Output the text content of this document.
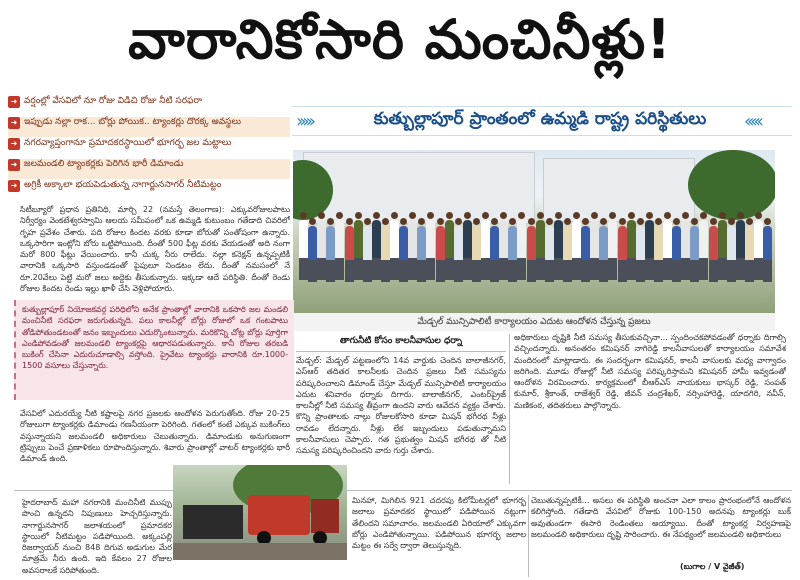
వారానికోసారి మంచినీళ్లు!
➜ వర్షంల్లో వేసవిలో నూ రోజు విడిచి రోజు నీటి సరఫరా
➜ ఇప్పుడు నల్లా రాక... బోర్లు పోయిక.. ట్యాంకర్లు దొరక్క అవస్థలు
➜ నగరవ్యాప్తంగానూ ప్రమాదకరస్థాయిలో భూగర్భ జల మట్టాలు
➜ జలమండలి ట్యాంకర్లకు పెరిగిన భారీ డిమాండు
➜ అగ్రికీ అక్కాలా భయపెడుతున్న నాగార్జునసాగర్ నీటిమట్టం
›››››	కుత్బుల్లాపూర్ ప్రాంతంలో ఉమ్మడి రాష్ట్ర పరిస్థితులు	‹‹‹‹‹
మేడ్చల్ మున్సిపాలిటీ కార్యాలయం ఎదుట ఆందోళన చేస్తున్న ప్రజలు
సిటీబ్యూరో ప్రధాన ప్రతినిధి, మార్చి 22 (నమస్తే తెలంగాణ): ఎక్కువరోజులపాటు నిర్వీర్యం వెంకటేశ్వరస్వామి ఆలయ సమీపంలో ఒక ఉమ్మడి కుటుంబం గతేడాది చివరిలో గృహ ప్రవేశం చేశారు. పది రోజుల కిందట వరకు కూడా బోరుతో సంతోషంగా ఉన్నారు. ఒక్కసారిగా ఇంట్లోని బోరు ఒట్టిపోయింది. దీంతో 500 ఫీట్ల వరకు వేయడంతో అది నంగా మరో 800 ఫీట్లు వేయించారు. కానీ చుక్క నీరు రాలేదు. నల్లా కనెక్షన్ ఉన్నప్పటికీ వారానికి ఒక్కసారి వస్తుండడంతో పైపులూ నిండటం లేదు. దీంతో నమసంలో నే రూ.20వేలు పెట్టి మరో జలు అద్దెకు తీసుకున్నారు. ఇక్కడా ఆదే పరిస్థితి. దీంతో రెండు రోజుల కిందట రెండు ఇల్లు ఖాళీ చేసి వెళ్లిపోయారు.
కుత్బుల్లాపూర్ నియోజకవర్గ పరిధిలోని అనేక ప్రాంతాల్లో వారానికి ఒకసారి జల మండలి మంచినీటి సరఫరా జరుగుతున్నది. పలు కాలనీల్లో బోర్లు రోజులో ఒక గంటపాటు తోడిపోతుండటంతో జనం ఇబ్బందులు ఎదుర్కొంటున్నారు. మరికొన్ని చోట్ల బోర్లు పూర్తిగా ఎండిపోవడంతో జలమండలి ట్యాంకర్లపై ఆధారపడుతున్నారు. కానీ రోజుల తరబడి బుకింగ్ చేసినా ఎదురుచూడాల్సి వస్తోంది. ప్రైవేటు ట్యాంకర్లు వారానికి రూ.1000-1500 వసూలు చేస్తున్నారు.
వేసవిలో ఎదురయ్యే నీటి కష్టాలపై నగర ప్రజలకు ఆందోళన పెరుగుతోంది. రోజు 20-25 రోజులుగా ట్యాంకర్లకు డిమాండు గణనీయంగా పెరిగింది. గతంలో కంటే ఎక్కువ బుకింగ్‌లు వస్తున్నాయని జలమండలి అధికారులు చెబుతున్నారు. డిమాండుకు అనుగుణంగా ట్రిప్పులు పెంచే ప్రణాళికలు రూపొందిస్తున్నారు. శివారు ప్రాంతాల్లో వాటర్ ట్యాంకర్లకు భారీ డిమాండ్ ఉంది.
హైదరాబాద్ మహా నగరానికి మంచినీటి ముప్పు పొంచి ఉన్నదని నిపుణులు హెచ్చరిస్తున్నారు. నాగార్జునసాగర్ జలాశయంలో ప్రమాదకర స్థాయిలో నీటిమట్టం పడిపోయింది. అక్కంపల్లి రిజర్వాయర్ నుంచి 848 దిగువ అడుగుల మేర మాత్రమే నీరు ఉంది. ఇది కేవలం 27 రోజుల అవసరాలకే సరిపోతుంది.
తాగునీటి కోసం కాలనీవాసుల ధర్నా
మేడ్చల్: మేడ్చల్ పట్టణంలోని 14వ వార్డుకు చెందిన బాలాజీనగర్, ఎస్ఆర్ తదితర కాలనీలకు చెందిన ప్రజలు నీటి సమస్యను పరిష్కరించాలని డిమాండ్ చేస్తూ మేడ్చల్ మున్సిపాలిటీ కార్యాలయం ఎదుట శనివారం ధర్నాకు దిగారు. బాలాజీనగర్, ఎంటర్‌ప్రైజ్ కాలనీల్లో నీటి సమస్య తీవ్రంగా ఉందని వారు ఆవేదన వ్యక్తం చేశారు. కొన్ని ప్రాంతాలకు నాల్గు రోజులకోసారి కూడా మిషన్ భగీరథ నీళ్లు రావడం లేదన్నారు. నీళ్లు లేక ఇబ్బందులు పడుతున్నామని కాలనీవాసులు చెప్పారు. గత ప్రభుత్వం మిషన్ భగీరథ తో నీటి సమస్య పరిష్కరించిందని వారు గుర్తు చేశారు.
అధికారులు దృష్టికి నీటి సమస్య తీసుకువచ్చినా... స్పందించకపోవడంతో ధర్నాకు దిగాల్సి వచ్చిందన్నారు. అనంతరం కమిషనర్ నాగిరెడ్డి కాలనీవాసులతో కార్యాలయం సమావేశ మందిరంలో మాట్లాడారు. ఈ సందర్భంగా కమిషనర్, కాలనీ వాసులకు మధ్య వాగ్వాదం జరిగింది. మూడు రోజుల్లో నీటి సమస్య పరిష్కరిస్తామని కమిషనర్ హామీ ఇవ్వడంతో ఆందోళన విరమించారు. కార్యక్రమంలో బీఆర్ఎస్ నాయకులు భాస్కర్ రెడ్డి, సంపత్ కుమార్, శ్రీకాంత్, రాజేశ్వర్ రెడ్డి, జీవన్ చంద్రశేఖర్, నర్సింహారెడ్డి, యాదగిరి, నవీన్, మణికంఠ, తదితరులు పాల్గొన్నారు.
మినహా, మిగిలిన 921 చదరపు కిలోమీటర్లలో భూగర్భ జలాలు ప్రమాదకర స్థాయిలో పడిపోయిన నట్లుగా తేలిందని సమాచారం. జలమండలి ఏరియాలో ఎక్కువగా బోర్లు ఎండిపోతున్నాయి. పడిపోయిన భూగర్భ జలాల మట్టం ఈ సర్వే ద్వారా తెలుస్తున్నది.
చెబుతున్నప్పటికీ... అసలు ఈ పరిస్థితి అంచనా ఎలా కాలం ప్రారంభంలోనే ఆందోళన కలిగిస్తోంది. గతేడాది వేసవిలో రోజుకు 100-150 అదనపు ట్యాంకర్లు బుక్ అవుతుండగా ఈసారి రెండింతలు అయ్యాయి. దీంతో ట్యాంకర్ల నిర్వహణపై జలమండలి అధికారులు దృష్టి సారించారు. ఈ నేపథ్యంలో జలమండలి అధికారులు
(బుగాల / V వైజీత్)
